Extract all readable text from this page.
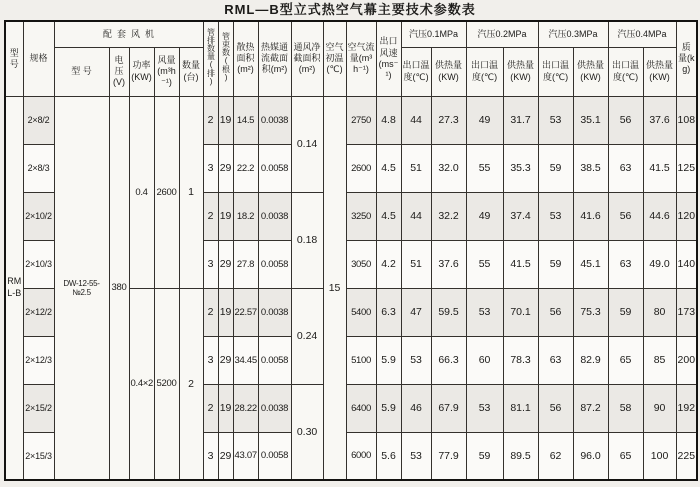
RML—B型立式热空气幕主要技术参数表
型号	规格	配套风机					管排数量(排)	管束数(根)	散热面积(m²)	热媒通流截面积(m²)	通风净截面积(m²)	空气初温(℃)	空气流量(m³h⁻¹)	出口风速(ms⁻¹)	汽压0.1MPa		汽压0.2MPa		汽压0.3MPa		汽压0.4MPa		质量(kg)
		型 号	电压(V)	功率(KW)	风量(m³h⁻¹)	数量(台)									出口温度(℃)	供热量(KW)	出口温度(℃)	供热量(KW)	出口温度(℃)	供热量(KW)	出口温度(℃)	供热量(KW)	
RML-B	2×8/2	DW-12-55-№2.5	380	0.4	2600	1	2	19	14.5	0.0038	0.14	15	2750	4.8	44	27.3	49	31.7	53	35.1	56	37.6	108
	2×8/3						3	29	22.2	0.0058			2600	4.5	51	32.0	55	35.3	59	38.5	63	41.5	125
	2×10/2						2	19	18.2	0.0038	0.18		3250	4.5	44	32.2	49	37.4	53	41.6	56	44.6	120
	2×10/3						3	29	27.8	0.0058			3050	4.2	51	37.6	55	41.5	59	45.1	63	49.0	140
	2×12/2			0.4×2	5200	2	2	19	22.57	0.0038	0.24		5400	6.3	47	59.5	53	70.1	56	75.3	59	80	173
	2×12/3						3	29	34.45	0.0058			5100	5.9	53	66.3	60	78.3	63	82.9	65	85	200
	2×15/2						2	19	28.22	0.0038	0.30		6400	5.9	46	67.9	53	81.1	56	87.2	58	90	192
	2×15/3						3	29	43.07	0.0058			6000	5.6	53	77.9	59	89.5	62	96.0	65	100	225
